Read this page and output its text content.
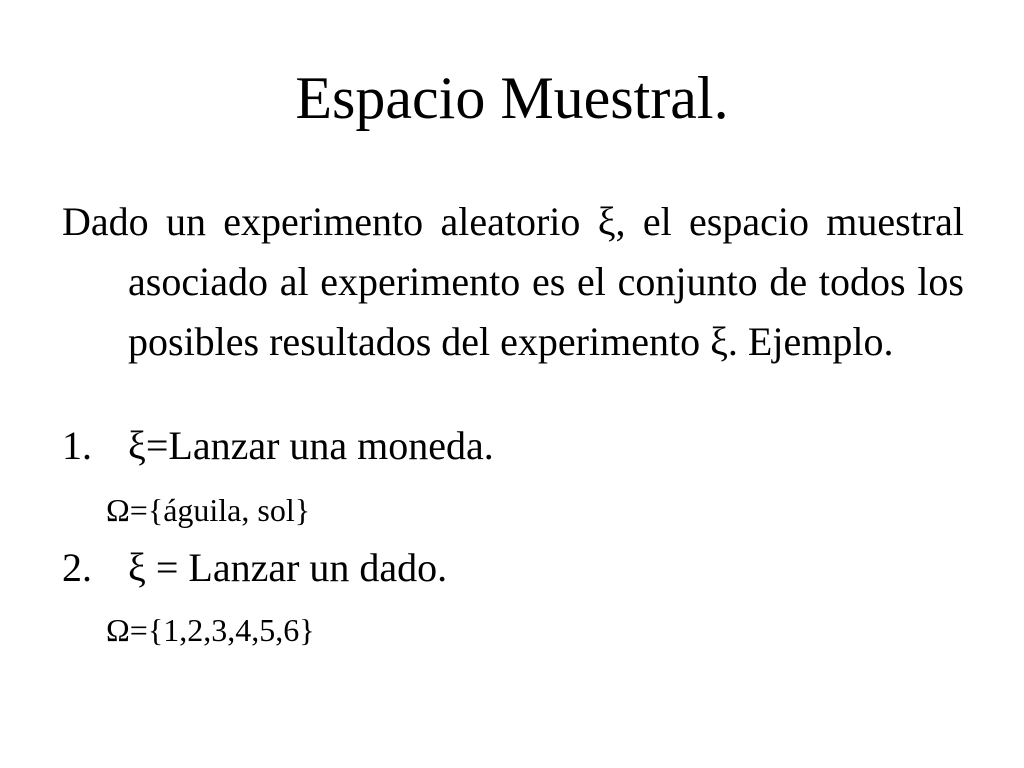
Espacio Muestral.

Dado un experimento aleatorio ξ, el espacio muestral asociado al experimento es el conjunto de todos los posibles resultados del experimento ξ. Ejemplo.

1. ξ=Lanzar una moneda.
Ω={águila, sol}
2. ξ = Lanzar un dado.
Ω={1,2,3,4,5,6}
